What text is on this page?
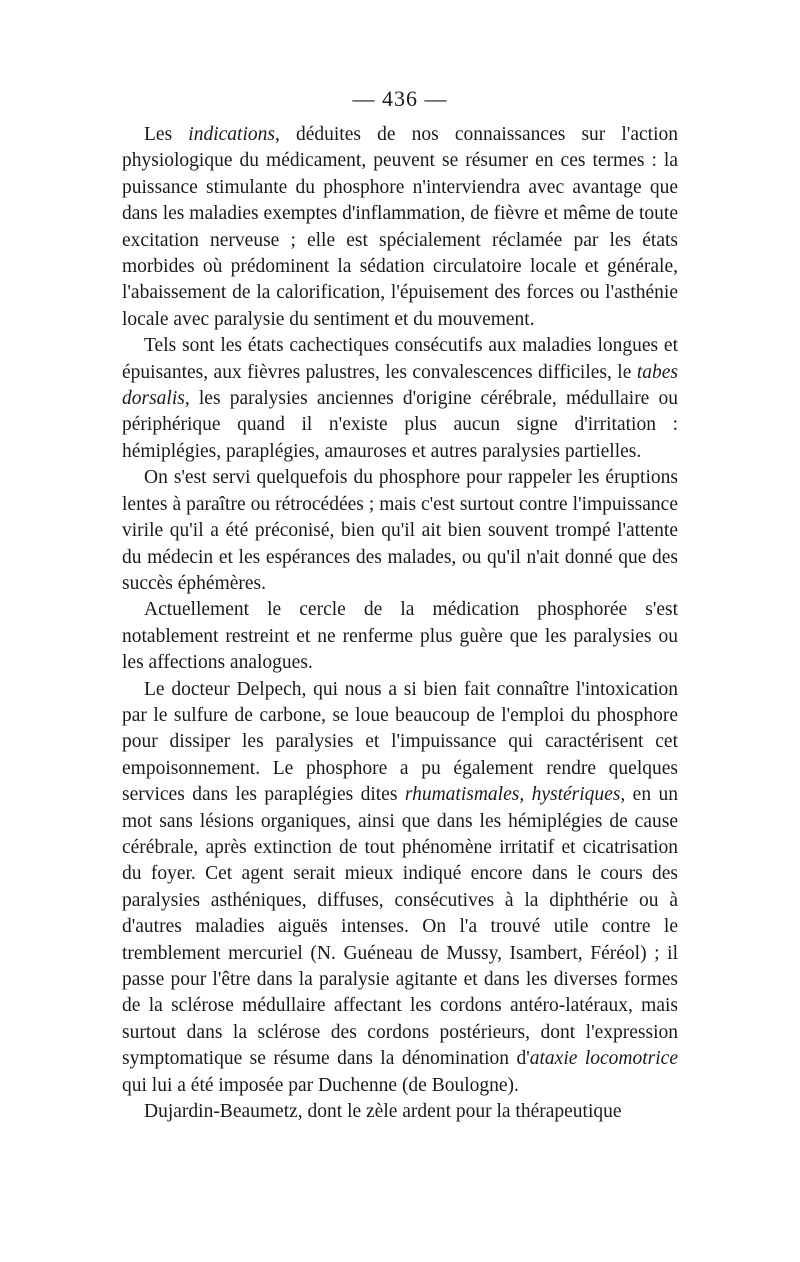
— 436 —

Les indications, déduites de nos connaissances sur l'action physiologique du médicament, peuvent se résumer en ces termes : la puissance stimulante du phosphore n'interviendra avec avantage que dans les maladies exemptes d'inflammation, de fièvre et même de toute excitation nerveuse ; elle est spécialement réclamée par les états morbides où prédominent la sédation circulatoire locale et générale, l'abaissement de la calorification, l'épuisement des forces ou l'asthénie locale avec paralysie du sentiment et du mouvement.

Tels sont les états cachectiques consécutifs aux maladies longues et épuisantes, aux fièvres palustres, les convalescences difficiles, le tabes dorsalis, les paralysies anciennes d'origine cérébrale, médullaire ou périphérique quand il n'existe plus aucun signe d'irritation : hémiplégies, paraplégies, amauroses et autres paralysies partielles.

On s'est servi quelquefois du phosphore pour rappeler les éruptions lentes à paraître ou rétrocédées ; mais c'est surtout contre l'impuissance virile qu'il a été préconisé, bien qu'il ait bien souvent trompé l'attente du médecin et les espérances des malades, ou qu'il n'ait donné que des succès éphémères.

Actuellement le cercle de la médication phosphorée s'est notablement restreint et ne renferme plus guère que les paralysies ou les affections analogues.

Le docteur Delpech, qui nous a si bien fait connaître l'intoxication par le sulfure de carbone, se loue beaucoup de l'emploi du phosphore pour dissiper les paralysies et l'impuissance qui caractérisent cet empoisonnement. Le phosphore a pu également rendre quelques services dans les paraplégies dites rhumatismales, hystériques, en un mot sans lésions organiques, ainsi que dans les hémiplégies de cause cérébrale, après extinction de tout phénomène irritatif et cicatrisation du foyer. Cet agent serait mieux indiqué encore dans le cours des paralysies asthéniques, diffuses, consécutives à la diphthérie ou à d'autres maladies aiguës intenses. On l'a trouvé utile contre le tremblement mercuriel (N. Guéneau de Mussy, Isambert, Féréol) ; il passe pour l'être dans la paralysie agitante et dans les diverses formes de la sclérose médullaire affectant les cordons antéro-latéraux, mais surtout dans la sclérose des cordons postérieurs, dont l'expression symptomatique se résume dans la dénomination d'ataxie locomotrice qui lui a été imposée par Duchenne (de Boulogne).

Dujardin-Beaumetz, dont le zèle ardent pour la thérapeutique
